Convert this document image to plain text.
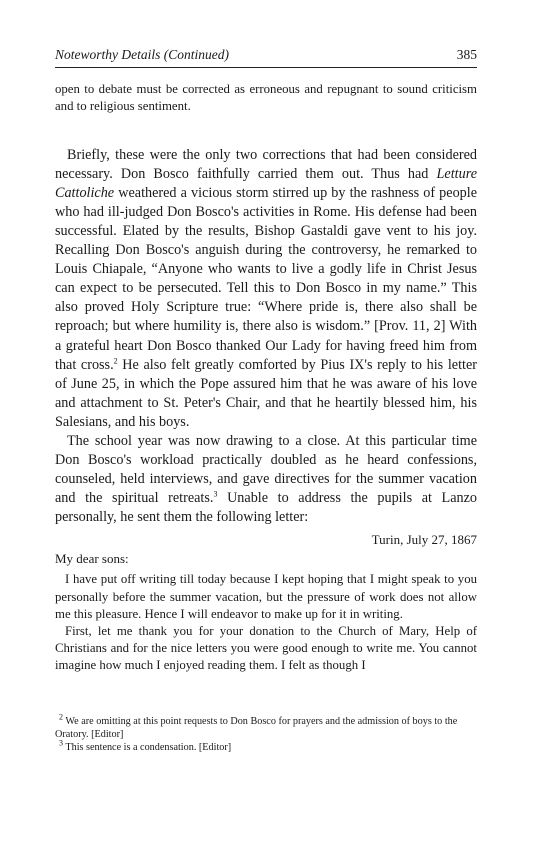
Noteworthy Details (Continued)	385

open to debate must be corrected as erroneous and repugnant to sound criticism and to religious sentiment.

Briefly, these were the only two corrections that had been considered necessary. Don Bosco faithfully carried them out. Thus had Letture Cattoliche weathered a vicious storm stirred up by the rashness of people who had ill-judged Don Bosco's activities in Rome. His defense had been successful. Elated by the results, Bishop Gastaldi gave vent to his joy. Recalling Don Bosco's anguish during the controversy, he remarked to Louis Chiapale, “Anyone who wants to live a godly life in Christ Jesus can expect to be persecuted. Tell this to Don Bosco in my name.” This also proved Holy Scripture true: “Where pride is, there also shall be reproach; but where humility is, there also is wisdom.” [Prov. 11, 2] With a grateful heart Don Bosco thanked Our Lady for having freed him from that cross.$^2$ He also felt greatly comforted by Pius IX's reply to his letter of June 25, in which the Pope assured him that he was aware of his love and attachment to St. Peter's Chair, and that he heartily blessed him, his Salesians, and his boys.

The school year was now drawing to a close. At this particular time Don Bosco's workload practically doubled as he heard confessions, counseled, held interviews, and gave directives for the summer vacation and the spiritual retreats.$^3$ Unable to address the pupils at Lanzo personally, he sent them the following letter:

Turin, July 27, 1867

My dear sons:

I have put off writing till today because I kept hoping that I might speak to you personally before the summer vacation, but the pressure of work does not allow me this pleasure. Hence I will endeavor to make up for it in writing.

First, let me thank you for your donation to the Church of Mary, Help of Christians and for the nice letters you were good enough to write me. You cannot imagine how much I enjoyed reading them. I felt as though I

$^2$ We are omitting at this point requests to Don Bosco for prayers and the admission of boys to the Oratory. [Editor]

$^3$ This sentence is a condensation. [Editor]
